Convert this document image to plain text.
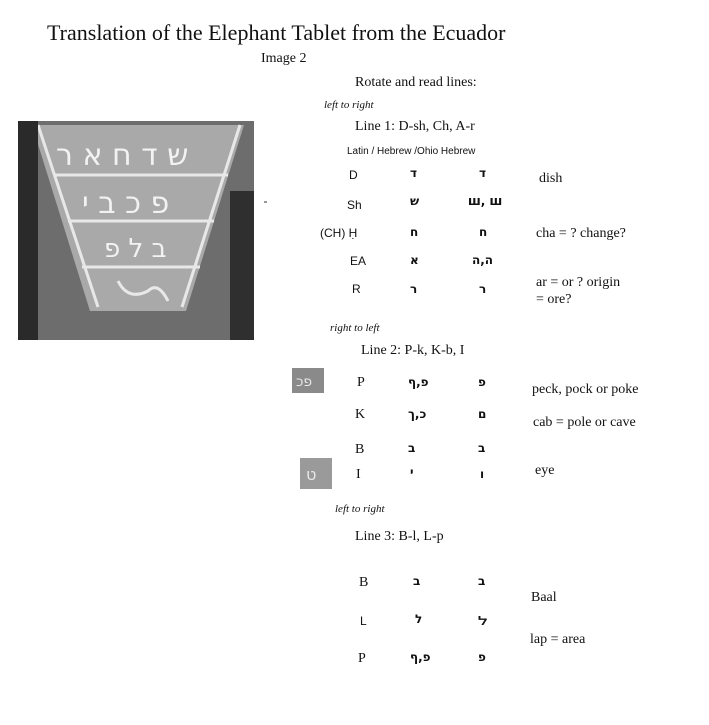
Translation of the Elephant Tablet from the Ecuador
Image 2
ש ד ח א ר
פ כ ב י
ב ל פ
Rotate and read lines:
left to right
Line 1: D-sh, Ch, A-r
Latin / Hebrew /Ohio Hebrew
D	ד	ד	dish
Sh	ש	ш, ш
(CH) Ḥ	ח	ח	cha = ? change?
EA	א	ה,ה
R	ר	ר	ar = or ? origin
= ore?
right to left
Line 2: P-k, K-b, I
פכ	P	פ,ף	פ	peck, pock or poke
K	כ,ך	ם
cab = pole or cave
B	ב	ב
ט	I	י	ו	eye
left to right
Line 3: B-l, L-p
B	ב	ב
Baal
L	ל	ﬥ
lap = area
P	פ,ף	פ
